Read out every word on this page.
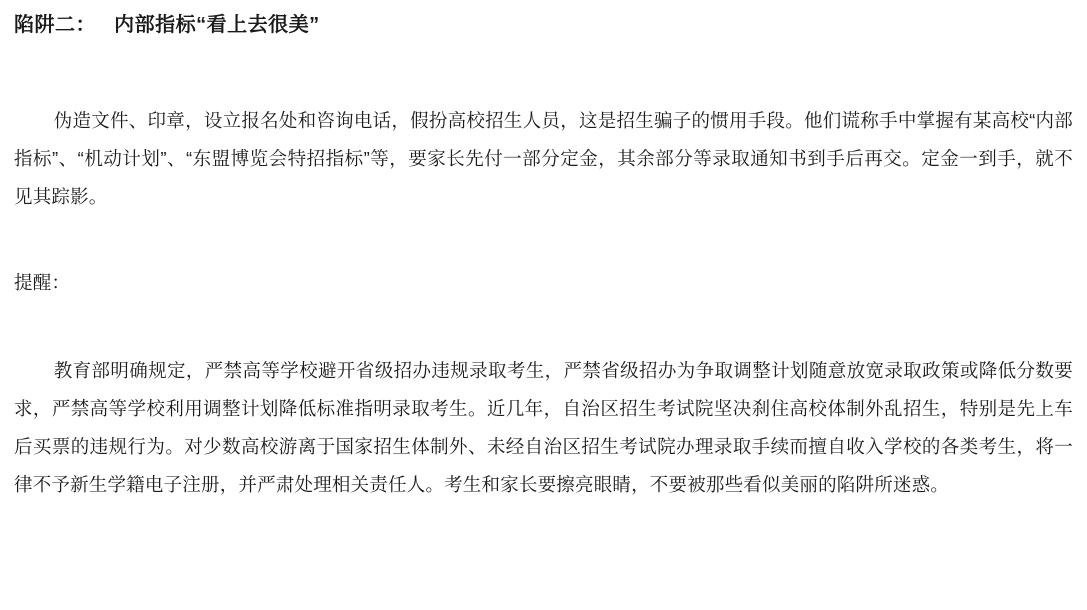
陷阱二：   内部指标“看上去很美”

伪造文件、印章，设立报名处和咨询电话，假扮高校招生人员，这是招生骗子的惯用手段。他们谎称手中掌握有某高校“内部指标”、“机动计划”、“东盟博览会特招指标”等，要家长先付一部分定金，其余部分等录取通知书到手后再交。定金一到手，就不见其踪影。

提醒：

教育部明确规定，严禁高等学校避开省级招办违规录取考生，严禁省级招办为争取调整计划随意放宽录取政策或降低分数要求，严禁高等学校利用调整计划降低标准指明录取考生。近几年，自治区招生考试院坚决刹住高校体制外乱招生，特别是先上车后买票的违规行为。对少数高校游离于国家招生体制外、未经自治区招生考试院办理录取手续而擅自收入学校的各类考生，将一律不予新生学籍电子注册，并严肃处理相关责任人。考生和家长要擦亮眼睛，不要被那些看似美丽的陷阱所迷惑。
